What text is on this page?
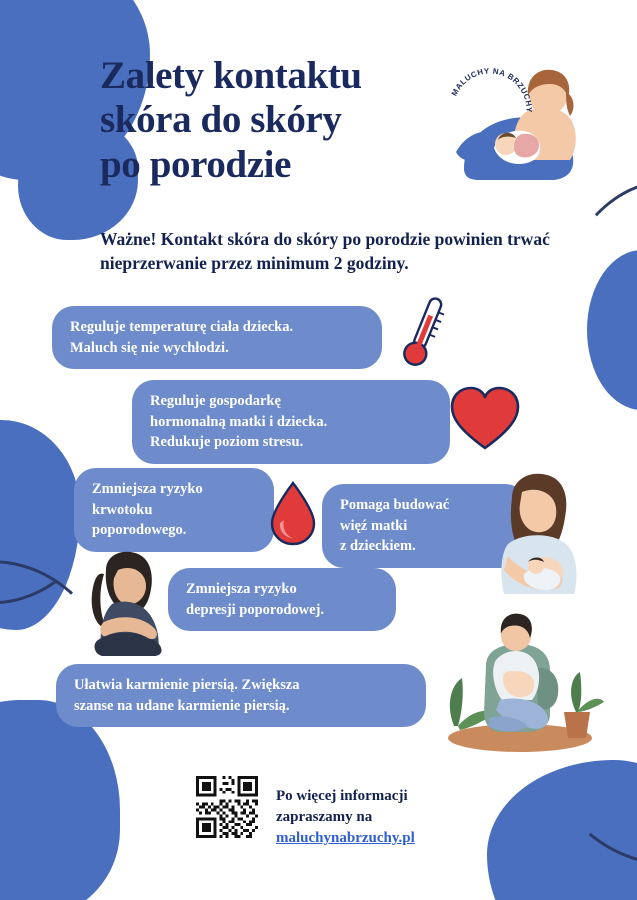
Zalety kontaktu
skóra do skóry
po porodzie
MALUCHY NA BRZUCHY
Ważne! Kontakt skóra do skóry po porodzie powinien trwać nieprzerwanie przez minimum 2 godziny.
Reguluje temperaturę ciała dziecka.
Maluch się nie wychłodzi.
Reguluje gospodarkę
hormonalną matki i dziecka.
Redukuje poziom stresu.
Zmniejsza ryzyko
krwotoku
poporodowego.
Pomaga budować
więź matki
z dzieckiem.
Zmniejsza ryzyko
depresji poporodowej.
Ułatwia karmienie piersią. Zwiększa
szanse na udane karmienie piersią.
Po więcej informacji
zapraszamy na
maluchynabrzuchy.pl
